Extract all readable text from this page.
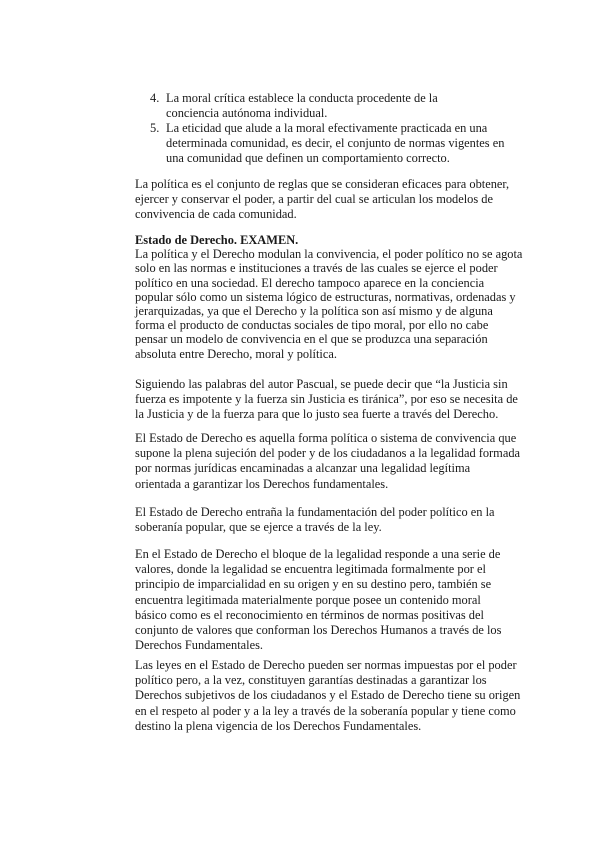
4. La moral crítica establece la conducta procedente de la
conciencia autónoma individual.
5. La eticidad que alude a la moral efectivamente practicada en una
determinada comunidad, es decir, el conjunto de normas vigentes en
una comunidad que definen un comportamiento correcto.
La política es el conjunto de reglas que se consideran eficaces para obtener,
ejercer y conservar el poder, a partir del cual se articulan los modelos de
convivencia de cada comunidad.
Estado de Derecho. EXAMEN.
La política y el Derecho modulan la convivencia, el poder político no se agota
solo en las normas e instituciones a través de las cuales se ejerce el poder
político en una sociedad. El derecho tampoco aparece en la conciencia
popular sólo como un sistema lógico de estructuras, normativas, ordenadas y
jerarquizadas, ya que el Derecho y la política son así mismo y de alguna
forma el producto de conductas sociales de tipo moral, por ello no cabe
pensar un modelo de convivencia en el que se produzca una separación
absoluta entre Derecho, moral y política.
Siguiendo las palabras del autor Pascual, se puede decir que “la Justicia sin
fuerza es impotente y la fuerza sin Justicia es tiránica”, por eso se necesita de
la Justicia y de la fuerza para que lo justo sea fuerte a través del Derecho.
El Estado de Derecho es aquella forma política o sistema de convivencia que
supone la plena sujeción del poder y de los ciudadanos a la legalidad formada
por normas jurídicas encaminadas a alcanzar una legalidad legítima
orientada a garantizar los Derechos fundamentales.
El Estado de Derecho entraña la fundamentación del poder político en la
soberanía popular, que se ejerce a través de la ley.
En el Estado de Derecho el bloque de la legalidad responde a una serie de
valores, donde la legalidad se encuentra legitimada formalmente por el
principio de imparcialidad en su origen y en su destino pero, también se
encuentra legitimada materialmente porque posee un contenido moral
básico como es el reconocimiento en términos de normas positivas del
conjunto de valores que conforman los Derechos Humanos a través de los
Derechos Fundamentales.
Las leyes en el Estado de Derecho pueden ser normas impuestas por el poder
político pero, a la vez, constituyen garantías destinadas a garantizar los
Derechos subjetivos de los ciudadanos y el Estado de Derecho tiene su origen
en el respeto al poder y a la ley a través de la soberanía popular y tiene como
destino la plena vigencia de los Derechos Fundamentales.
